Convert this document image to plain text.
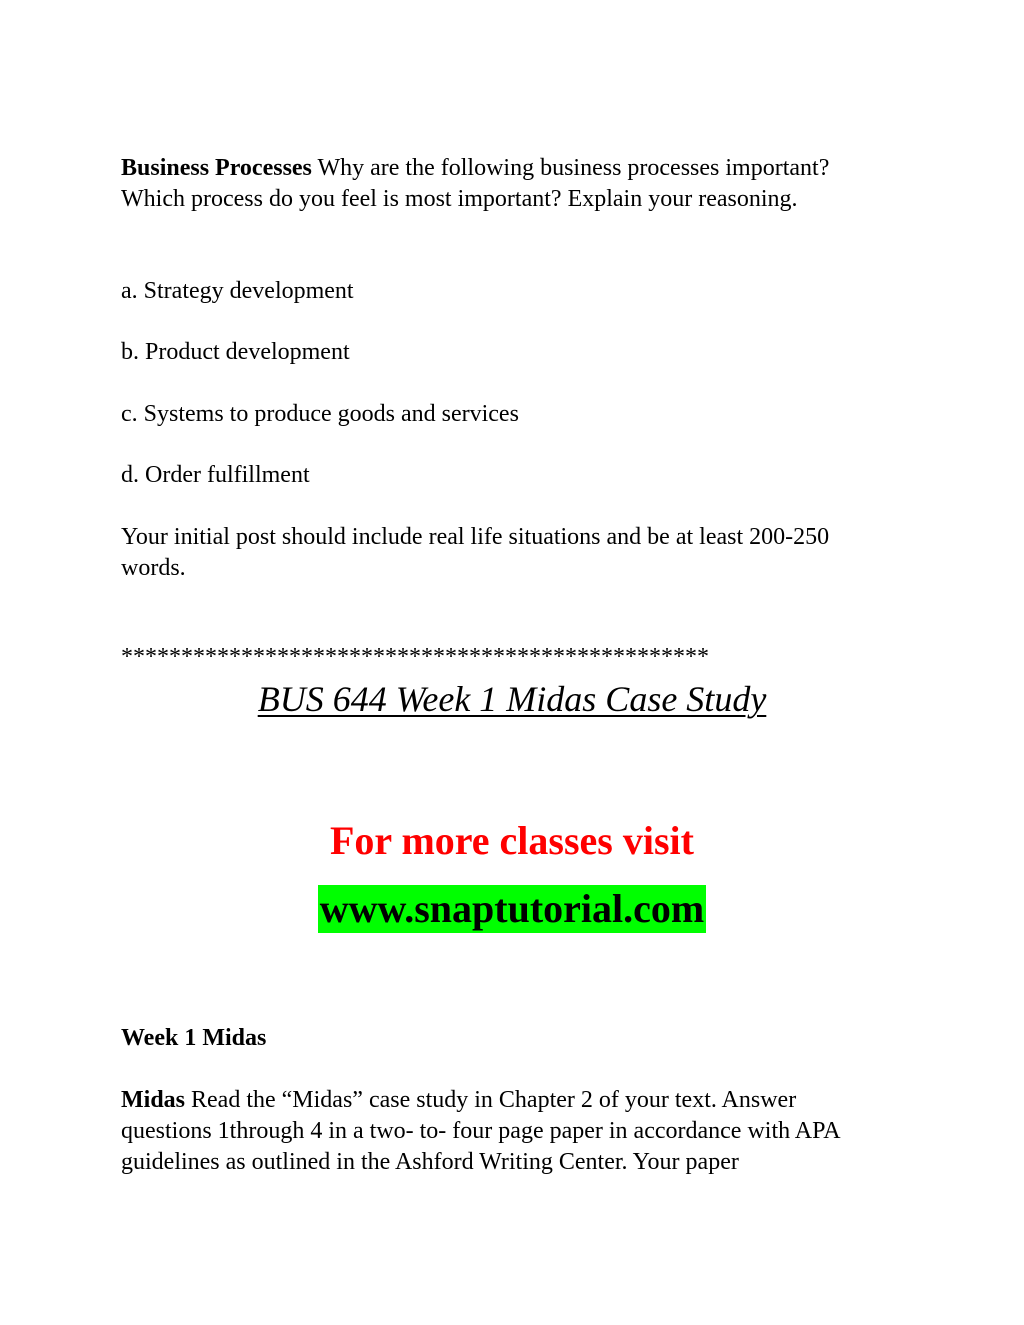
Business Processes Why are the following business processes important? Which process do you feel is most important? Explain your reasoning.

a. Strategy development

b. Product development

c. Systems to produce goods and services

d. Order fulfillment

Your initial post should include real life situations and be at least 200-250 words.

*************************************************
BUS 644 Week 1 Midas Case Study
For more classes visit
www.snaptutorial.com

Week 1 Midas

Midas Read the “Midas” case study in Chapter 2 of your text. Answer questions 1through 4 in a two- to- four page paper in accordance with APA guidelines as outlined in the Ashford Writing Center. Your paper
